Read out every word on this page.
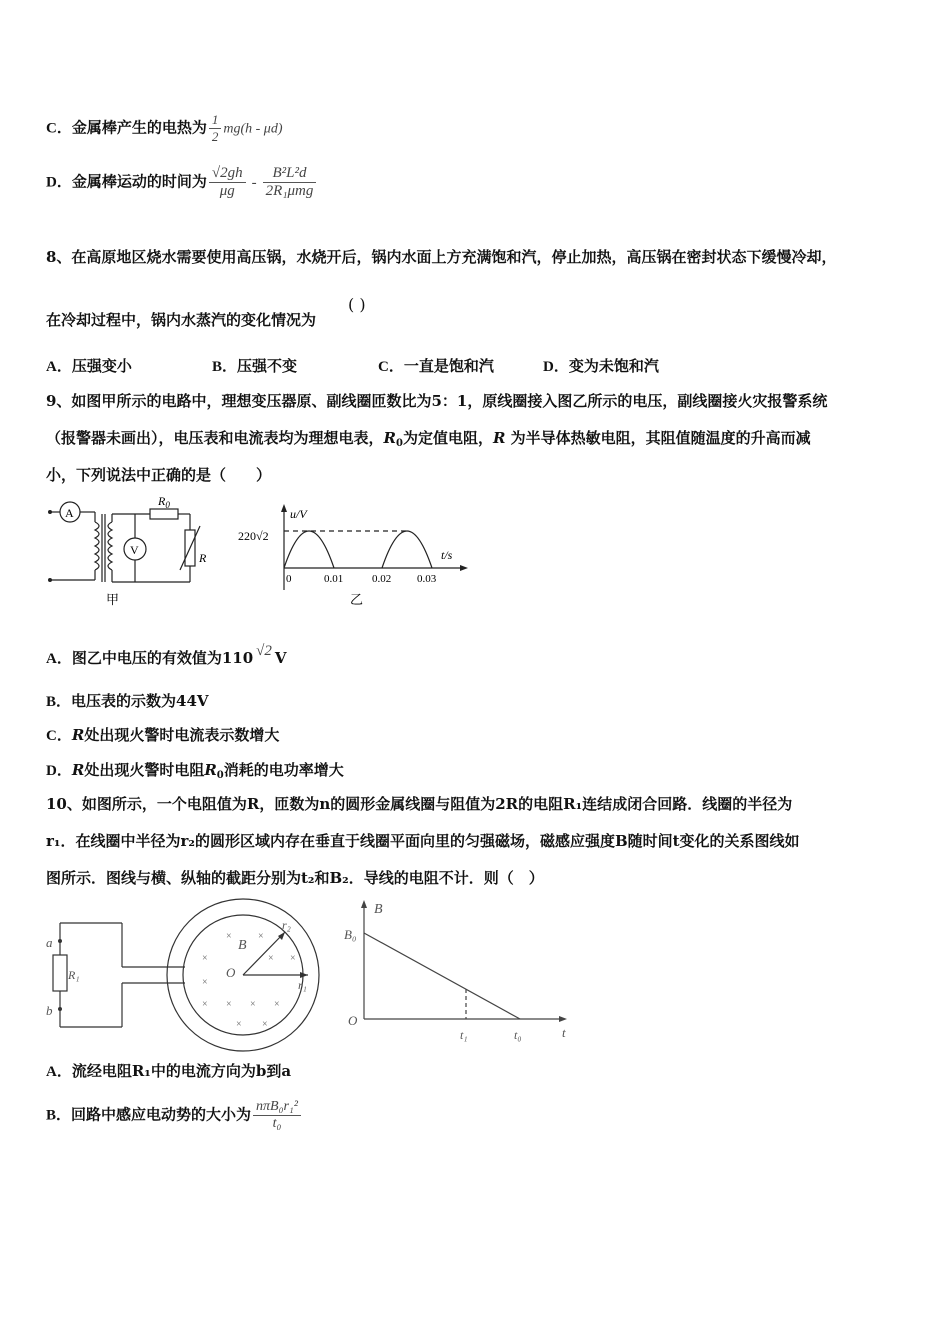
C．金属棒产生的电热为 $\frac{1}{2} mg(h - \mu d)$
D．金属棒运动的时间为 $\frac{√2gh}{\mu g} - \frac{\text{B²L²d}}{\text{2R₁μmg}}$
8、在高原地区烧水需要使用高压锅，水烧开后，锅内水面上方充满饱和汽，停止加热，高压锅在密封状态下缓慢冷却，
在冷却过程中，锅内水蒸汽的变化情况为
( )
A．压强变小	B．压强不变	C．一直是饱和汽	D．变为未饱和汽
9、如图甲所示的电路中，理想变压器原、副线圈匝数比为5：1，原线圈接入图乙所示的电压，副线圈接火灾报警系统
（报警器未画出），电压表和电流表均为理想电表，$R_0$为定值电阻，R 为半导体热敏电阻，其阻值随温度的升高而减
小，下列说法中正确的是（　　）
A
V
$R_0$
R
甲
u/V
t/s
220√2
0	0.01	0.02 0.03
乙
A．图乙中电压的有效值为110 √2 V
B．电压表的示数为44V
C．R处出现火警时电流表示数增大
D．R处出现火警时电阻$R_0$消耗的电功率增大
10、如图所示，一个电阻值为R，匝数为n的圆形金属线圈与阻值为2R的电阻R₁连结成闭合回路．线圈的半径为
r₁．在线圈中半径为r₂的圆形区域内存在垂直于线圈平面向里的匀强磁场，磁感应强度B随时间t变化的关系图线如
图所示．图线与横、纵轴的截距分别为t₂和B₂．导线的电阻不计．则（　）
a
b
R₁
B
O
r₁
r₂
×	×
×	× ×
×
× × × ×
× ×
B
t
O
B₀
t₁	t₀
A．流经电阻R₁中的电流方向为b到a
B．回路中感应电动势的大小为 $\frac{\text{nπB₀r₁²}}{\text{t₀}}$
